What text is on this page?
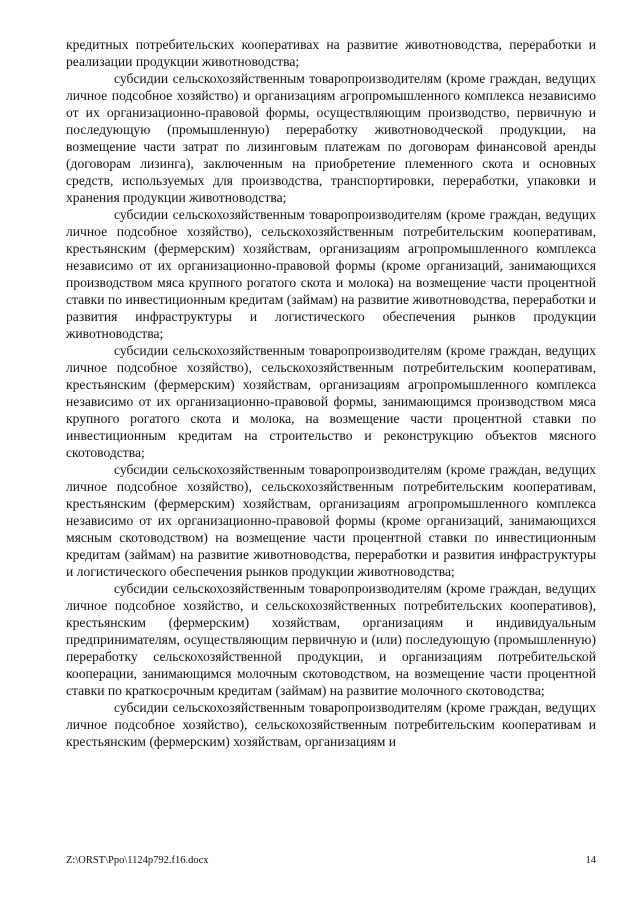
кредитных потребительских кооперативах на развитие животноводства, переработки и реализации продукции животноводства;

субсидии сельскохозяйственным товаропроизводителям (кроме граждан, ведущих личное подсобное хозяйство) и организациям агропромышленного комплекса независимо от их организационно-правовой формы, осуществляющим производство, первичную и последующую (промышленную) переработку животноводческой продукции, на возмещение части затрат по лизинговым платежам по договорам финансовой аренды (договорам лизинга), заключенным на приобретение племенного скота и основных средств, используемых для производства, транспортировки, переработки, упаковки и хранения продукции животноводства;

субсидии сельскохозяйственным товаропроизводителям (кроме граждан, ведущих личное подсобное хозяйство), сельскохозяйственным потребительским кооперативам, крестьянским (фермерским) хозяйствам, организациям агропромышленного комплекса независимо от их организационно-правовой формы (кроме организаций, занимающихся производством мяса крупного рогатого скота и молока) на возмещение части процентной ставки по инвестиционным кредитам (займам) на развитие животноводства, переработки и развития инфраструктуры и логистического обеспечения рынков продукции животноводства;

субсидии сельскохозяйственным товаропроизводителям (кроме граждан, ведущих личное подсобное хозяйство), сельскохозяйственным потребительским кооперативам, крестьянским (фермерским) хозяйствам, организациям агропромышленного комплекса независимо от их организационно-правовой формы, занимающимся производством мяса крупного рогатого скота и молока, на возмещение части процентной ставки по инвестиционным кредитам на строительство и реконструкцию объектов мясного скотоводства;

субсидии сельскохозяйственным товаропроизводителям (кроме граждан, ведущих личное подсобное хозяйство), сельскохозяйственным потребительским кооперативам, крестьянским (фермерским) хозяйствам, организациям агропромышленного комплекса независимо от их организационно-правовой формы (кроме организаций, занимающихся мясным скотоводством) на возмещение части процентной ставки по инвестиционным кредитам (займам) на развитие животноводства, переработки и развития инфраструктуры и логистического обеспечения рынков продукции животноводства;

субсидии сельскохозяйственным товаропроизводителям (кроме граждан, ведущих личное подсобное хозяйство, и сельскохозяйственных потребительских кооперативов), крестьянским (фермерским) хозяйствам, организациям и индивидуальным предпринимателям, осуществляющим первичную и (или) последующую (промышленную) переработку сельскохозяйственной продукции, и организациям потребительской кооперации, занимающимся молочным скотоводством, на возмещение части процентной ставки по краткосрочным кредитам (займам) на развитие молочного скотоводства;

субсидии сельскохозяйственным товаропроизводителям (кроме граждан, ведущих личное подсобное хозяйство), сельскохозяйственным потребительским кооперативам и крестьянским (фермерским) хозяйствам, организациям и

Z:\ORST\Ppo\1124p792.f16.docx	14
